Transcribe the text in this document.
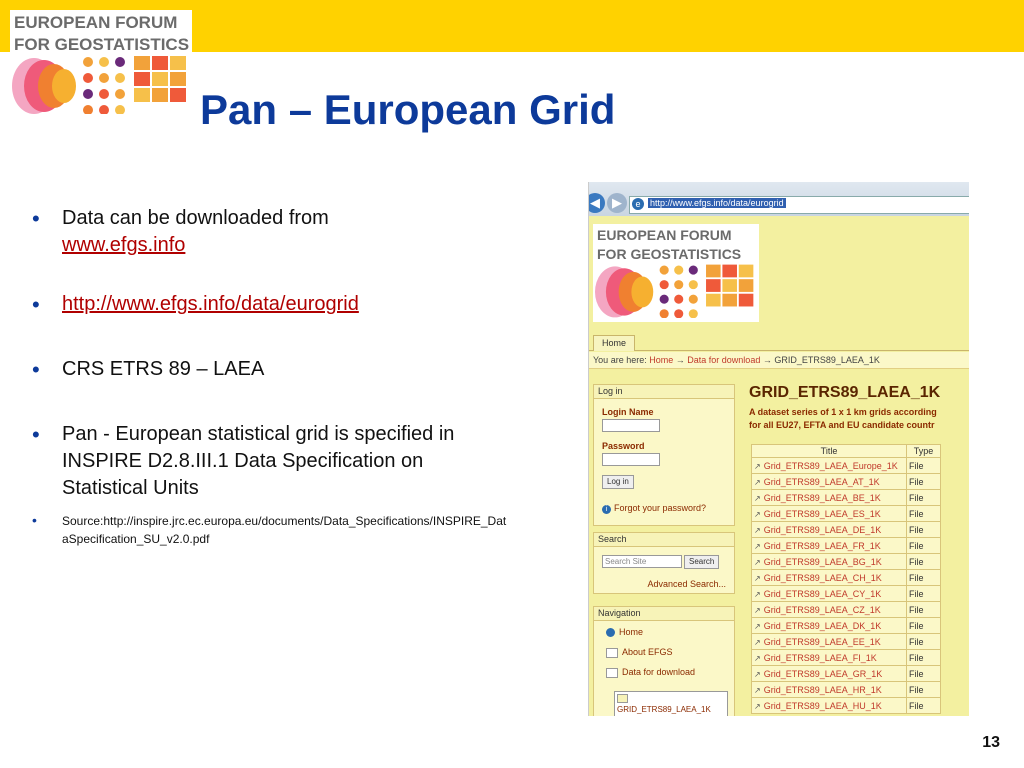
EUROPEAN FORUM
FOR GEOSTATISTICS
Pan – European Grid
• Data can be downloaded from
www.efgs.info
• http://www.efgs.info/data/eurogrid
• CRS ETRS 89 – LAEA
• Pan - European statistical grid is specified in INSPIRE D2.8.III.1 Data Specification on Statistical Units
• Source:http://inspire.jrc.ec.europa.eu/documents/Data_Specifications/INSPIRE_DataSpecification_SU_v2.0.pdf
◀ ▶	e	http://www.efgs.info/data/eurogrid
EUROPEAN FORUM
FOR GEOSTATISTICS
Home
You are here: Home → Data for download → GRID_ETRS89_LAEA_1K
Log in
Login Name
Password
Log in
i Forgot your password?
Search
Search Site	Search
Advanced Search...
Navigation
Home
About EFGS
Data for download
GRID_ETRS89_LAEA_1K
GRID_ETRS89_LAEA_1K
A dataset series of 1 x 1 km grids according
for all EU27, EFTA and EU candidate countr
Title	Type
↗ Grid_ETRS89_LAEA_Europe_1K	File
↗ Grid_ETRS89_LAEA_AT_1K	File
↗ Grid_ETRS89_LAEA_BE_1K	File
↗ Grid_ETRS89_LAEA_ES_1K	File
↗ Grid_ETRS89_LAEA_DE_1K	File
↗ Grid_ETRS89_LAEA_FR_1K	File
↗ Grid_ETRS89_LAEA_BG_1K	File
↗ Grid_ETRS89_LAEA_CH_1K	File
↗ Grid_ETRS89_LAEA_CY_1K	File
↗ Grid_ETRS89_LAEA_CZ_1K	File
↗ Grid_ETRS89_LAEA_DK_1K	File
↗ Grid_ETRS89_LAEA_EE_1K	File
↗ Grid_ETRS89_LAEA_FI_1K	File
↗ Grid_ETRS89_LAEA_GR_1K	File
↗ Grid_ETRS89_LAEA_HR_1K	File
↗ Grid_ETRS89_LAEA_HU_1K	File
13
